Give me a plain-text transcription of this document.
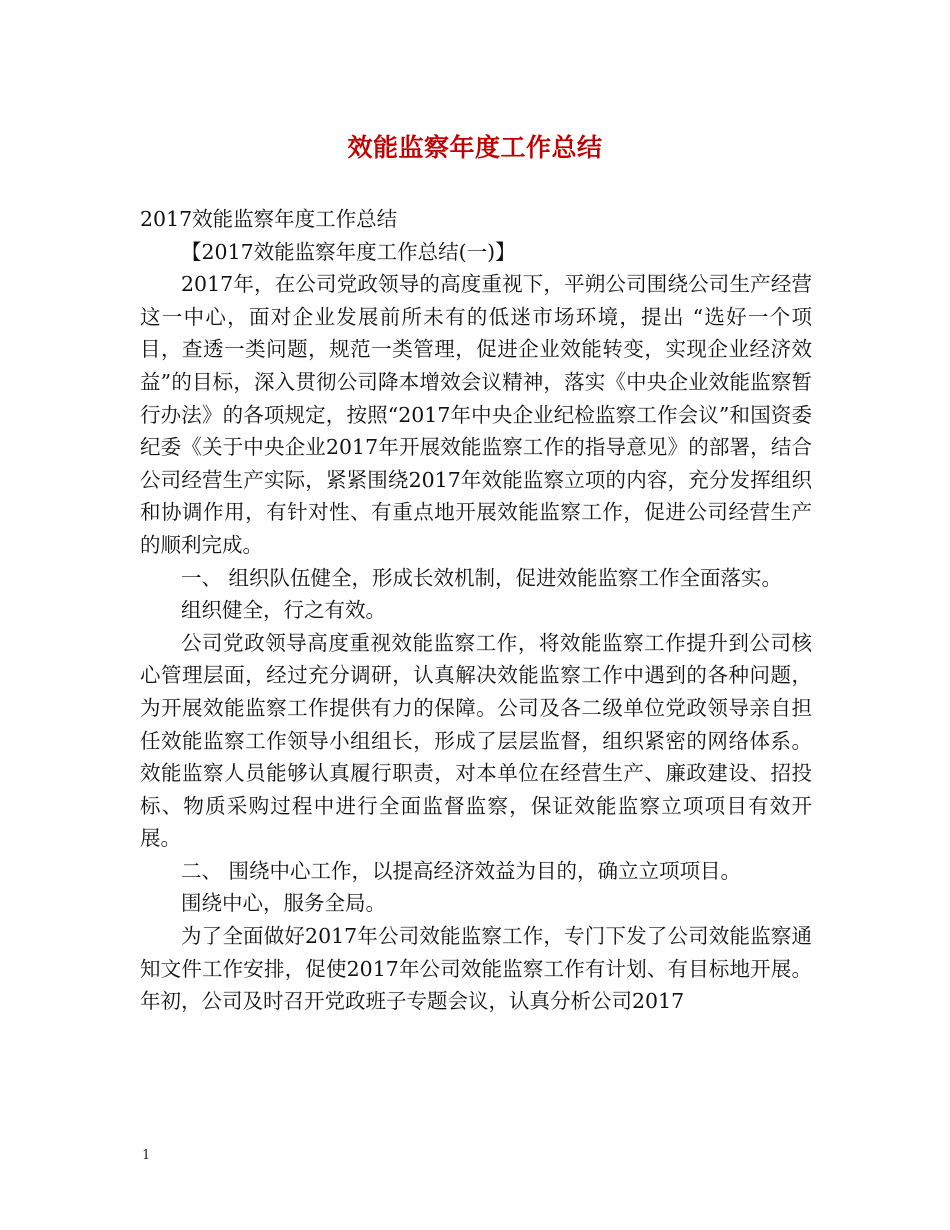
效能监察年度工作总结

2017效能监察年度工作总结

【2017效能监察年度工作总结(一)】

2017年，在公司党政领导的高度重视下，平朔公司围绕公司生产经营这一中心，面对企业发展前所未有的低迷市场环境，提出 “选好一个项目，查透一类问题，规范一类管理，促进企业效能转变，实现企业经济效益”的目标，深入贯彻公司降本增效会议精神，落实《中央企业效能监察暂行办法》的各项规定，按照“2017年中央企业纪检监察工作会议”和国资委纪委《关于中央企业2017年开展效能监察工作的指导意见》的部署，结合公司经营生产实际，紧紧围绕2017年效能监察立项的内容，充分发挥组织和协调作用，有针对性、有重点地开展效能监察工作，促进公司经营生产的顺利完成。

一、 组织队伍健全，形成长效机制，促进效能监察工作全面落实。

组织健全，行之有效。

公司党政领导高度重视效能监察工作，将效能监察工作提升到公司核心管理层面，经过充分调研，认真解决效能监察工作中遇到的各种问题，为开展效能监察工作提供有力的保障。公司及各二级单位党政领导亲自担任效能监察工作领导小组组长，形成了层层监督，组织紧密的网络体系。效能监察人员能够认真履行职责，对本单位在经营生产、廉政建设、招投标、物质采购过程中进行全面监督监察，保证效能监察立项项目有效开展。

二、 围绕中心工作，以提高经济效益为目的，确立立项项目。

围绕中心，服务全局。

为了全面做好2017年公司效能监察工作，专门下发了公司效能监察通知文件工作安排，促使2017年公司效能监察工作有计划、有目标地开展。年初，公司及时召开党政班子专题会议，认真分析公司2017

1
